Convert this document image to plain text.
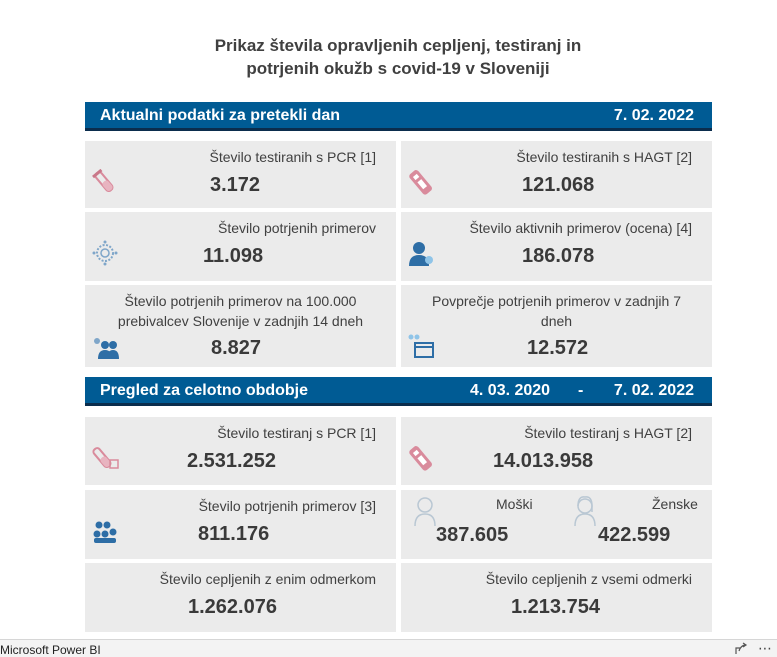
Prikaz števila opravljenih cepljenj, testiranj in
potrjenih okužb s covid-19 v Sloveniji
Aktualni podatki za pretekli dan	7. 02. 2022
Število testiranih s PCR [1]
3.172
Število testiranih s HAGT [2]
121.068
Število potrjenih primerov
11.098
Število aktivnih primerov (ocena) [4]
186.078
Število potrjenih primerov na 100.000
prebivalcev Slovenije v zadnjih 14 dneh
8.827
Povprečje potrjenih primerov v zadnjih 7
dneh
12.572
Pregled za celotno obdobje	4. 03. 2020 - 7. 02. 2022
Število testiranj s PCR [1]
2.531.252
Število testiranj s HAGT [2]
14.013.958
Število potrjenih primerov [3]
811.176
Moški
387.605
Ženske
422.599
Število cepljenih z enim odmerkom
1.262.076
Število cepljenih z vsemi odmerki
1.213.754
Microsoft Power BI	⋯
